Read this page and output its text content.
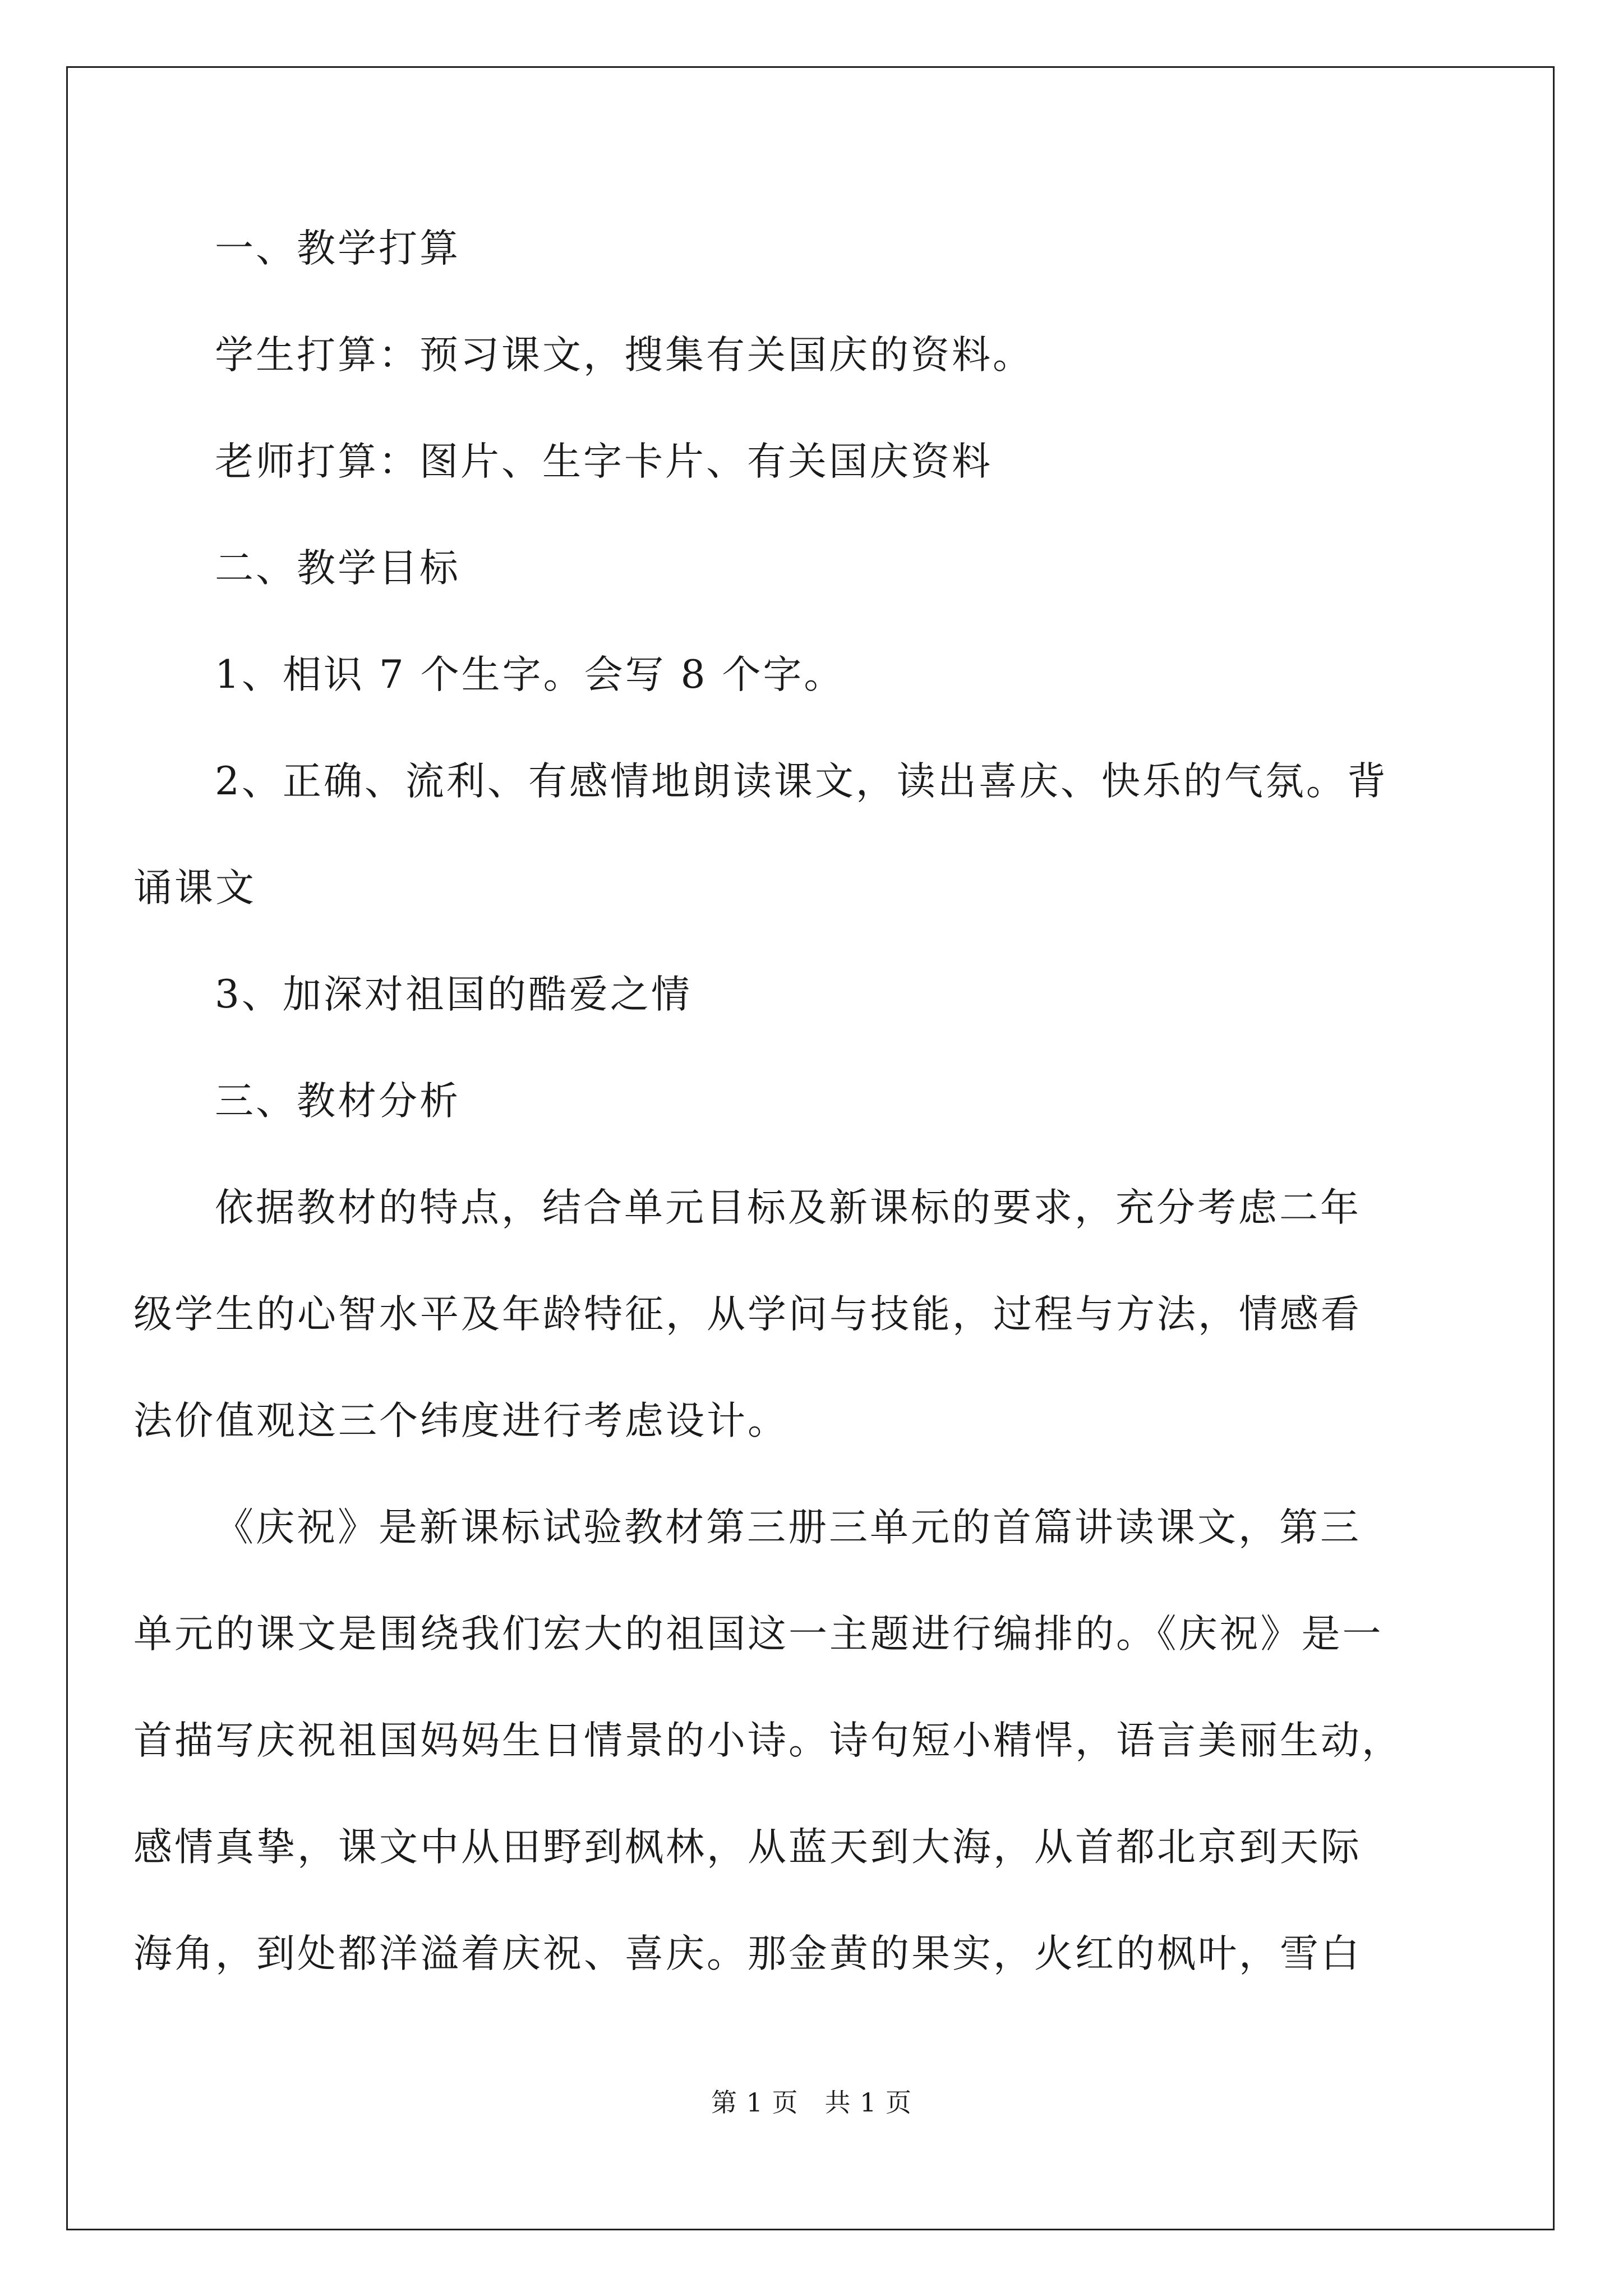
一、教学打算
学生打算：预习课文，搜集有关国庆的资料。
老师打算：图片、生字卡片、有关国庆资料
二、教学目标
1、相识 7 个生字。会写 8 个字。
2、正确、流利、有感情地朗读课文，读出喜庆、快乐的气氛。背
诵课文
3、加深对祖国的酷爱之情
三、教材分析
依据教材的特点，结合单元目标及新课标的要求，充分考虑二年
级学生的心智水平及年龄特征，从学问与技能，过程与方法，情感看
法价值观这三个纬度进行考虑设计。
《庆祝》是新课标试验教材第三册三单元的首篇讲读课文，第三
单元的课文是围绕我们宏大的祖国这一主题进行编排的。《庆祝》是一
首描写庆祝祖国妈妈生日情景的小诗。诗句短小精悍，语言美丽生动，
感情真挚，课文中从田野到枫林，从蓝天到大海，从首都北京到天际
海角，到处都洋溢着庆祝、喜庆。那金黄的果实，火红的枫叶，雪白
第 1 页　共 1 页
